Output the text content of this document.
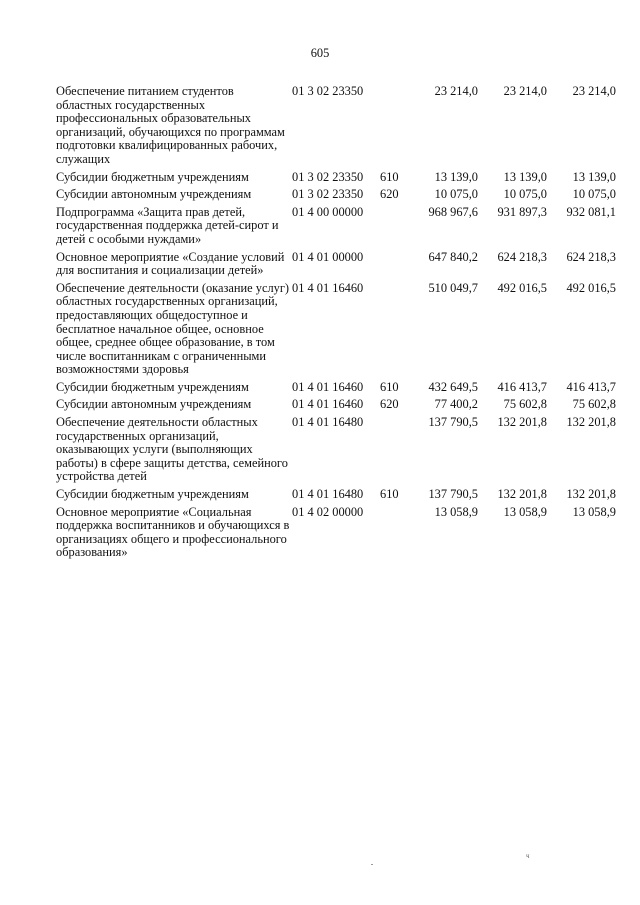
605
Обеспечение питанием студентов областных государственных профессиональных образовательных организаций, обучающихся по программам подготовки квалифицированных рабочих, служащих	01 3 02 23350	23 214,0	23 214,0	23 214,0
Субсидии бюджетным учреждениям	01 3 02 23350 610	13 139,0	13 139,0	13 139,0
Субсидии автономным учреждениям	01 3 02 23350 620	10 075,0	10 075,0	10 075,0
Подпрограмма «Защита прав детей, государственная поддержка детей-сирот и детей с особыми нуждами»	01 4 00 00000	968 967,6	931 897,3	932 081,1
Основное мероприятие «Создание условий для воспитания и социализации детей»	01 4 01 00000	647 840,2	624 218,3	624 218,3
Обеспечение деятельности (оказание услуг) областных государственных организаций, предоставляющих общедоступное и бесплатное начальное общее, основное общее, среднее общее образование, в том числе воспитанникам с ограниченными возможностями здоровья	01 4 01 16460	510 049,7	492 016,5	492 016,5
Субсидии бюджетным учреждениям	01 4 01 16460 610	432 649,5	416 413,7	416 413,7
Субсидии автономным учреждениям	01 4 01 16460 620	77 400,2	75 602,8	75 602,8
Обеспечение деятельности областных государственных организаций, оказывающих услуги (выполняющих работы) в сфере защиты детства, семейного устройства детей	01 4 01 16480	137 790,5	132 201,8	132 201,8
Субсидии бюджетным учреждениям	01 4 01 16480 610	137 790,5	132 201,8	132 201,8
Основное мероприятие «Социальная поддержка воспитанников и обучающихся в организациях общего и профессионального образования»	01 4 02 00000	13 058,9	13 058,9	13 058,9
ч
